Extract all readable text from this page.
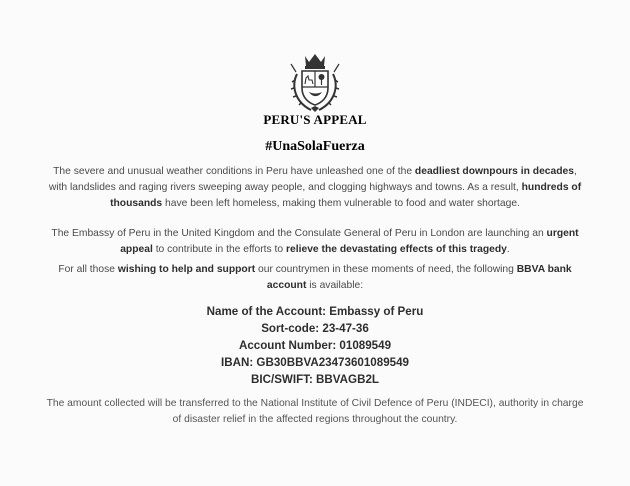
PERU'S APPEAL
#UnaSolaFuerza

The severe and unusual weather conditions in Peru have unleashed one of the deadliest downpours in decades, with landslides and raging rivers sweeping away people, and clogging highways and towns. As a result, hundreds of thousands have been left homeless, making them vulnerable to food and water shortage.

The Embassy of Peru in the United Kingdom and the Consulate General of Peru in London are launching an urgent appeal to contribute in the efforts to relieve the devastating effects of this tragedy.

For all those wishing to help and support our countrymen in these moments of need, the following BBVA bank account is available:

Name of the Account: Embassy of Peru
Sort-code: 23-47-36
Account Number: 01089549
IBAN: GB30BBVA23473601089549
BIC/SWIFT: BBVAGB2L

The amount collected will be transferred to the National Institute of Civil Defence of Peru (INDECI), authority in charge of disaster relief in the affected regions throughout the country.
